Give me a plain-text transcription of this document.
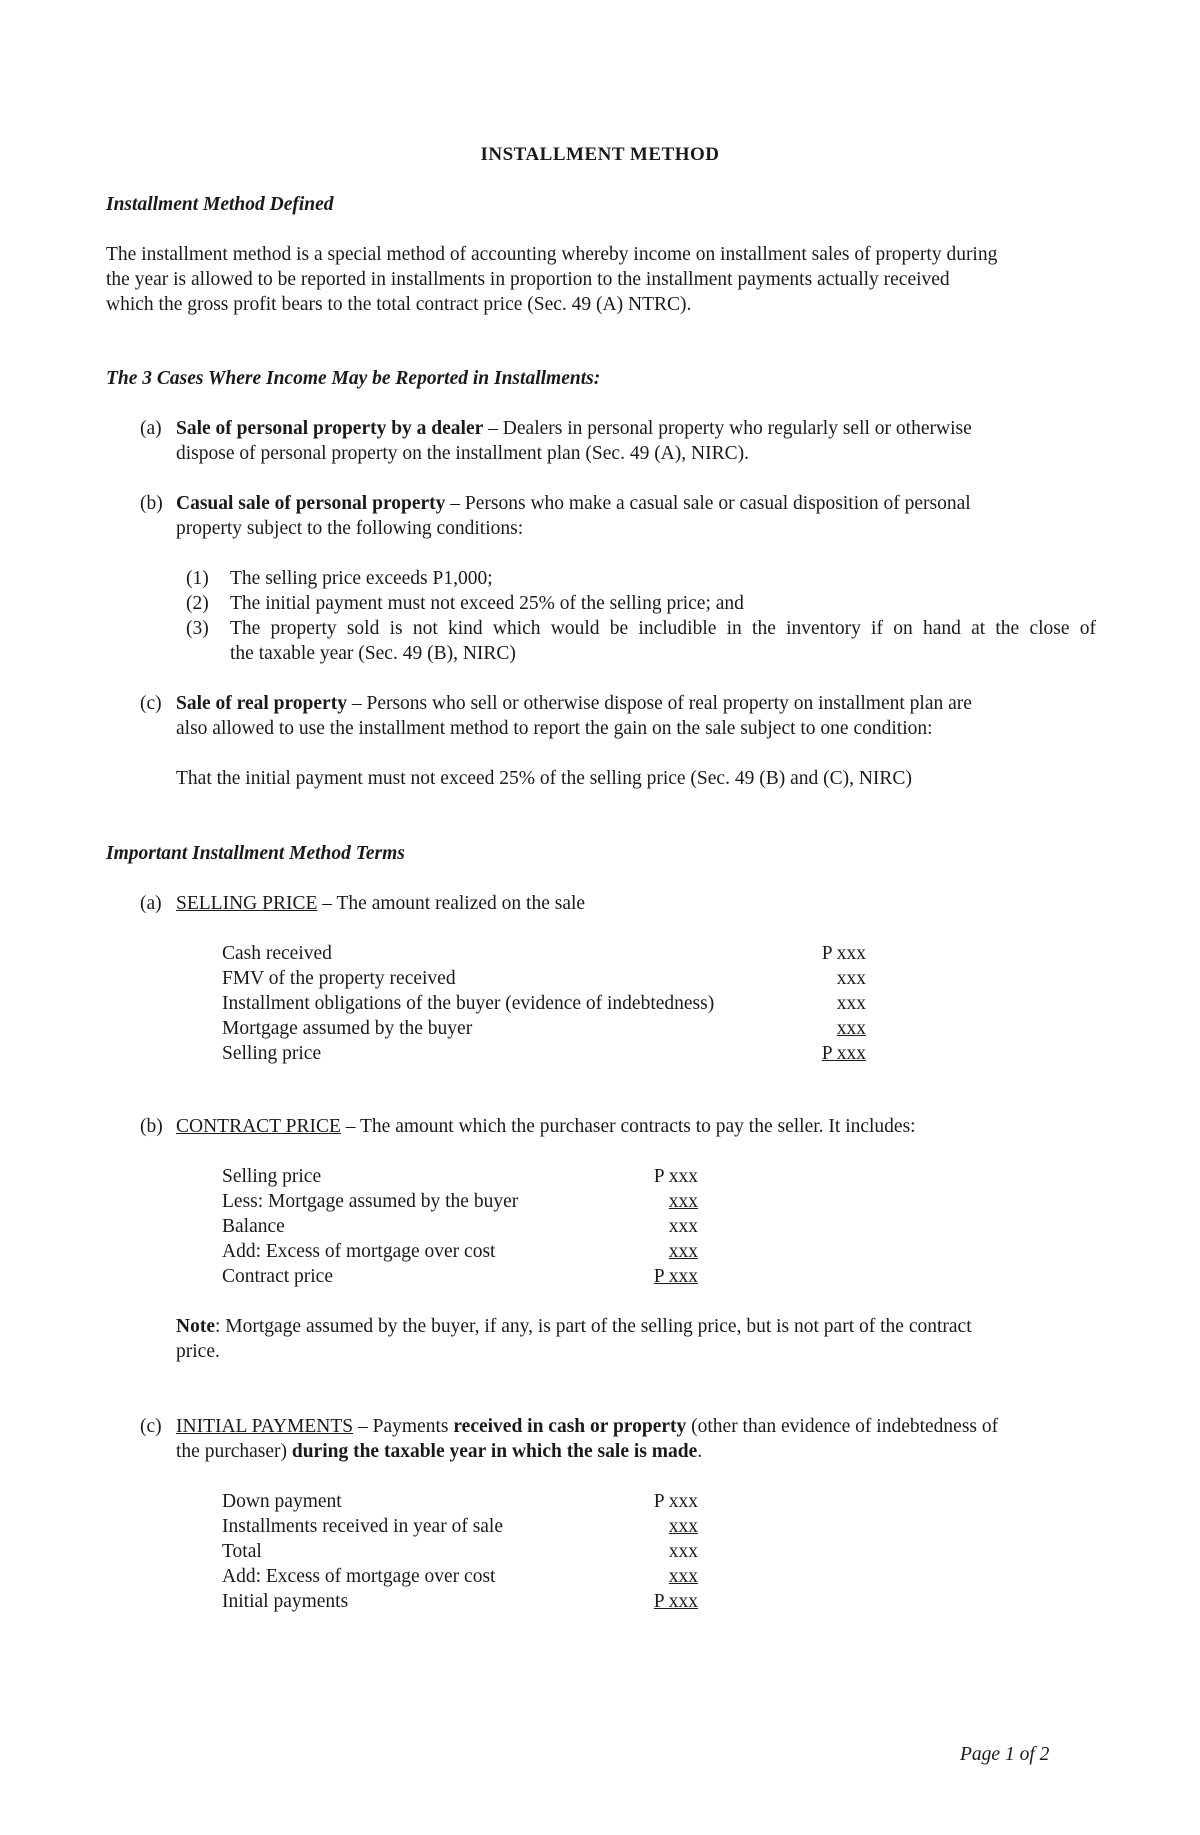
INSTALLMENT METHOD
Installment Method Defined
The installment method is a special method of accounting whereby income on installment sales of property during
the year is allowed to be reported in installments in proportion to the installment payments actually received
which the gross profit bears to the total contract price (Sec. 49 (A) NTRC).
The 3 Cases Where Income May be Reported in Installments:
(a) Sale of personal property by a dealer – Dealers in personal property who regularly sell or otherwise
dispose of personal property on the installment plan (Sec. 49 (A), NIRC).
(b) Casual sale of personal property – Persons who make a casual sale or casual disposition of personal
property subject to the following conditions:
(1) The selling price exceeds P1,000;
(2) The initial payment must not exceed 25% of the selling price; and
(3) The property sold is not kind which would be includible in the inventory if on hand at the close of
the taxable year (Sec. 49 (B), NIRC)
(c) Sale of real property – Persons who sell or otherwise dispose of real property on installment plan are
also allowed to use the installment method to report the gain on the sale subject to one condition:
That the initial payment must not exceed 25% of the selling price (Sec. 49 (B) and (C), NIRC)
Important Installment Method Terms
(a) SELLING PRICE – The amount realized on the sale
Cash received	P xxx
FMV of the property received	xxx
Installment obligations of the buyer (evidence of indebtedness)	xxx
Mortgage assumed by the buyer	xxx
Selling price	P xxx
(b) CONTRACT PRICE – The amount which the purchaser contracts to pay the seller. It includes:
Selling price	P xxx
Less: Mortgage assumed by the buyer	xxx
Balance	xxx
Add: Excess of mortgage over cost	xxx
Contract price	P xxx
Note: Mortgage assumed by the buyer, if any, is part of the selling price, but is not part of the contract
price.
(c) INITIAL PAYMENTS – Payments received in cash or property (other than evidence of indebtedness of
the purchaser) during the taxable year in which the sale is made.
Down payment	P xxx
Installments received in year of sale	xxx
Total	xxx
Add: Excess of mortgage over cost	xxx
Initial payments	P xxx
Page 1 of 2
